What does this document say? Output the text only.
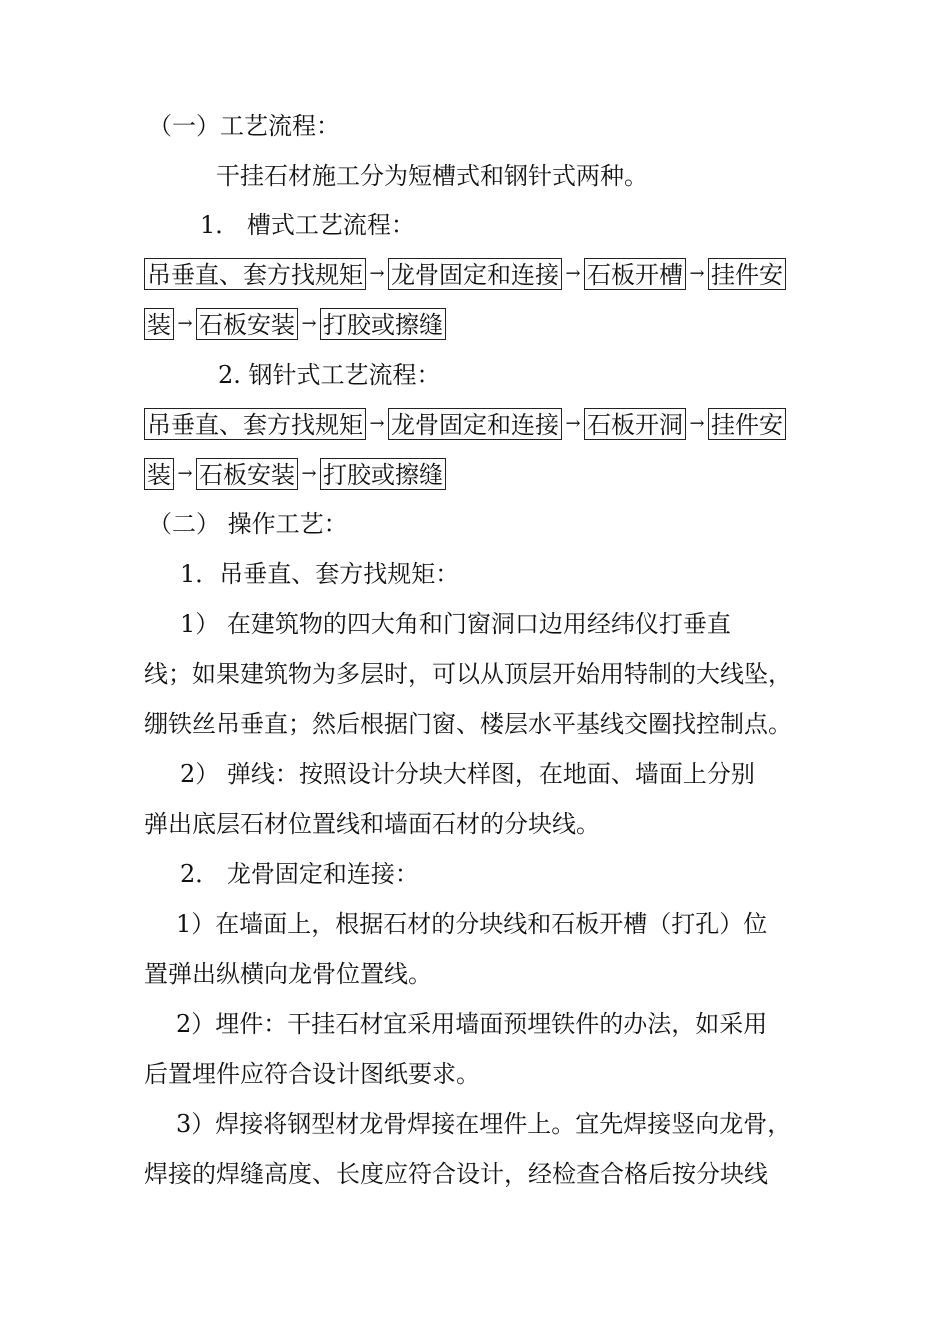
（一）工艺流程：
干挂石材施工分为短槽式和钢针式两种。
1． 槽式工艺流程：
吊垂直、套方找规矩 → 龙骨固定和连接 → 石板开槽 → 挂件安
装 → 石板安装 → 打胶或擦缝
2. 钢针式工艺流程：
吊垂直、套方找规矩 → 龙骨固定和连接 → 石板开洞 → 挂件安
装 → 石板安装 → 打胶或擦缝
（二） 操作工艺：
1．吊垂直、套方找规矩：
1） 在建筑物的四大角和门窗洞口边用经纬仪打垂直
线；如果建筑物为多层时，可以从顶层开始用特制的大线坠，
绷铁丝吊垂直；然后根据门窗、楼层水平基线交圈找控制点。
2） 弹线：按照设计分块大样图，在地面、墙面上分别
弹出底层石材位置线和墙面石材的分块线。
2． 龙骨固定和连接：
1）在墙面上，根据石材的分块线和石板开槽（打孔）位
置弹出纵横向龙骨位置线。
2）埋件：干挂石材宜采用墙面预埋铁件的办法，如采用
后置埋件应符合设计图纸要求。
3）焊接将钢型材龙骨焊接在埋件上。宜先焊接竖向龙骨，
焊接的焊缝高度、长度应符合设计，经检查合格后按分块线
